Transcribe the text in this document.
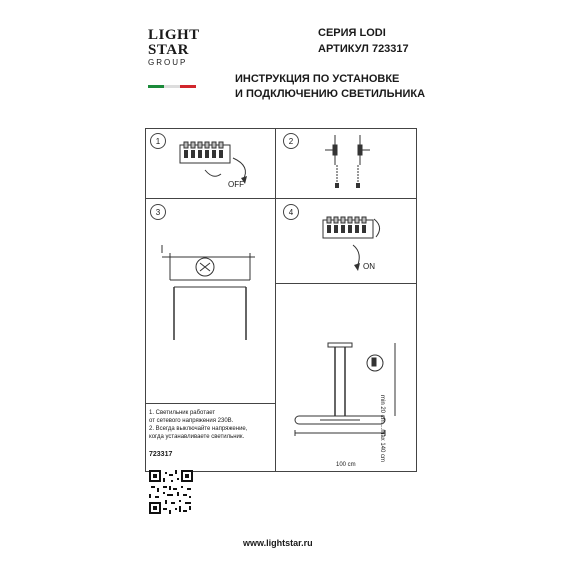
LIGHT
STAR
GROUP
СЕРИЯ LODI
АРТИКУЛ 723317
ИНСТРУКЦИЯ ПО УСТАНОВКЕ
И ПОДКЛЮЧЕНИЮ СВЕТИЛЬНИКА
1	2
3	4
OFF
ON
100 cm
min 20 cm....max 140 cm
1. Светильник работает
от сетевого напряжения 230В.
2. Всегда выключайте напряжение,
когда устанавливаете светильник.
723317
www.lightstar.ru
